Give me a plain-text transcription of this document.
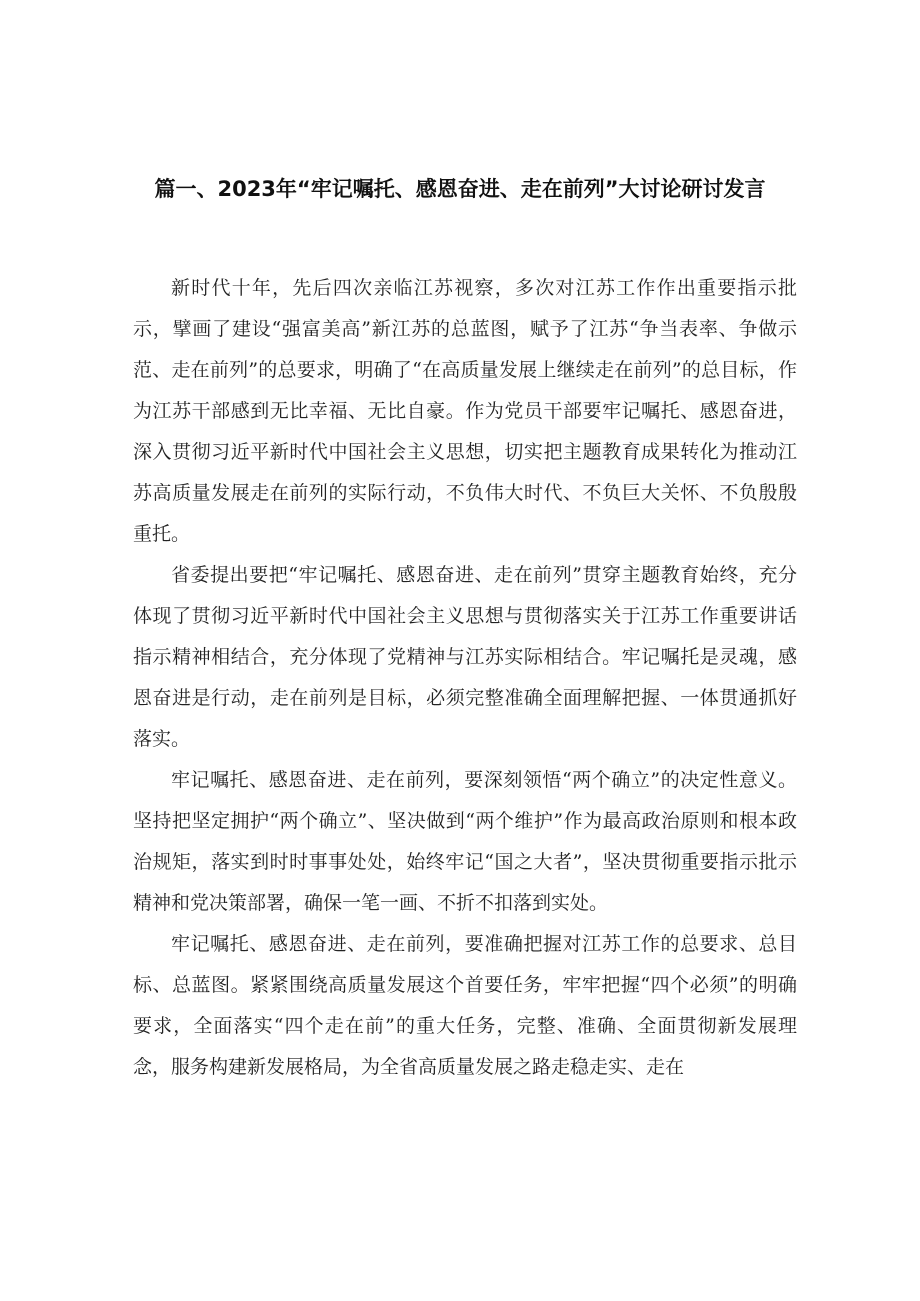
篇一、2023年“牢记嘱托、感恩奋进、走在前列”大讨论研讨发言

新时代十年，先后四次亲临江苏视察，多次对江苏工作作出重要指示批示，擘画了建设“强富美高”新江苏的总蓝图，赋予了江苏“争当表率、争做示范、走在前列”的总要求，明确了“在高质量发展上继续走在前列”的总目标，作为江苏干部感到无比幸福、无比自豪。作为党员干部要牢记嘱托、感恩奋进，深入贯彻习近平新时代中国社会主义思想，切实把主题教育成果转化为推动江苏高质量发展走在前列的实际行动，不负伟大时代、不负巨大关怀、不负殷殷重托。

省委提出要把“牢记嘱托、感恩奋进、走在前列”贯穿主题教育始终，充分体现了贯彻习近平新时代中国社会主义思想与贯彻落实关于江苏工作重要讲话指示精神相结合，充分体现了党精神与江苏实际相结合。牢记嘱托是灵魂，感恩奋进是行动，走在前列是目标，必须完整准确全面理解把握、一体贯通抓好落实。

牢记嘱托、感恩奋进、走在前列，要深刻领悟“两个确立”的决定性意义。坚持把坚定拥护“两个确立”、坚决做到“两个维护”作为最高政治原则和根本政治规矩，落实到时时事事处处，始终牢记“国之大者”，坚决贯彻重要指示批示精神和党决策部署，确保一笔一画、不折不扣落到实处。

牢记嘱托、感恩奋进、走在前列，要准确把握对江苏工作的总要求、总目标、总蓝图。紧紧围绕高质量发展这个首要任务，牢牢把握“四个必须”的明确要求，全面落实“四个走在前”的重大任务，完整、准确、全面贯彻新发展理念，服务构建新发展格局，为全省高质量发展之路走稳走实、走在
